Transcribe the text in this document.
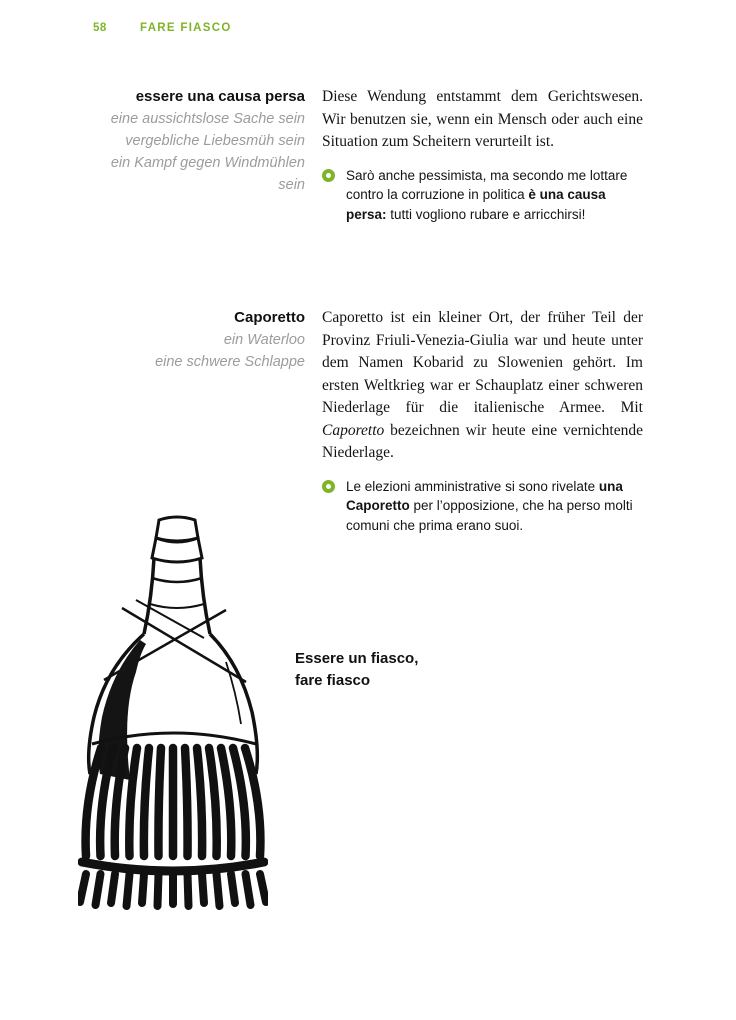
58	FARE FIASCO
essere una causa persa

eine aussichtslose Sache sein

vergebliche Liebesmüh sein

ein Kampf gegen Windmühlen sein

Diese Wendung entstammt dem Gerichtswesen. Wir benutzen sie, wenn ein Mensch oder auch eine Situation zum Scheitern verurteilt ist.

Sarò anche pessimista, ma secondo me lottare contro la corruzione in politica è una causa persa: tutti vogliono rubare e arricchirsi!

Caporetto

ein Waterloo

eine schwere Schlappe

Caporetto ist ein kleiner Ort, der früher Teil der Provinz Friuli-Venezia-Giulia war und heute unter dem Namen Kobarid zu Slowenien gehört. Im ersten Weltkrieg war er Schauplatz einer schweren Niederlage für die italienische Armee. Mit Caporetto bezeichnen wir heute eine vernichtende Niederlage.

Le elezioni amministrative si sono rivelate una Caporetto per l’opposizione, che ha perso molti comuni che prima erano suoi.

Essere un fiasco,
fare fiasco
